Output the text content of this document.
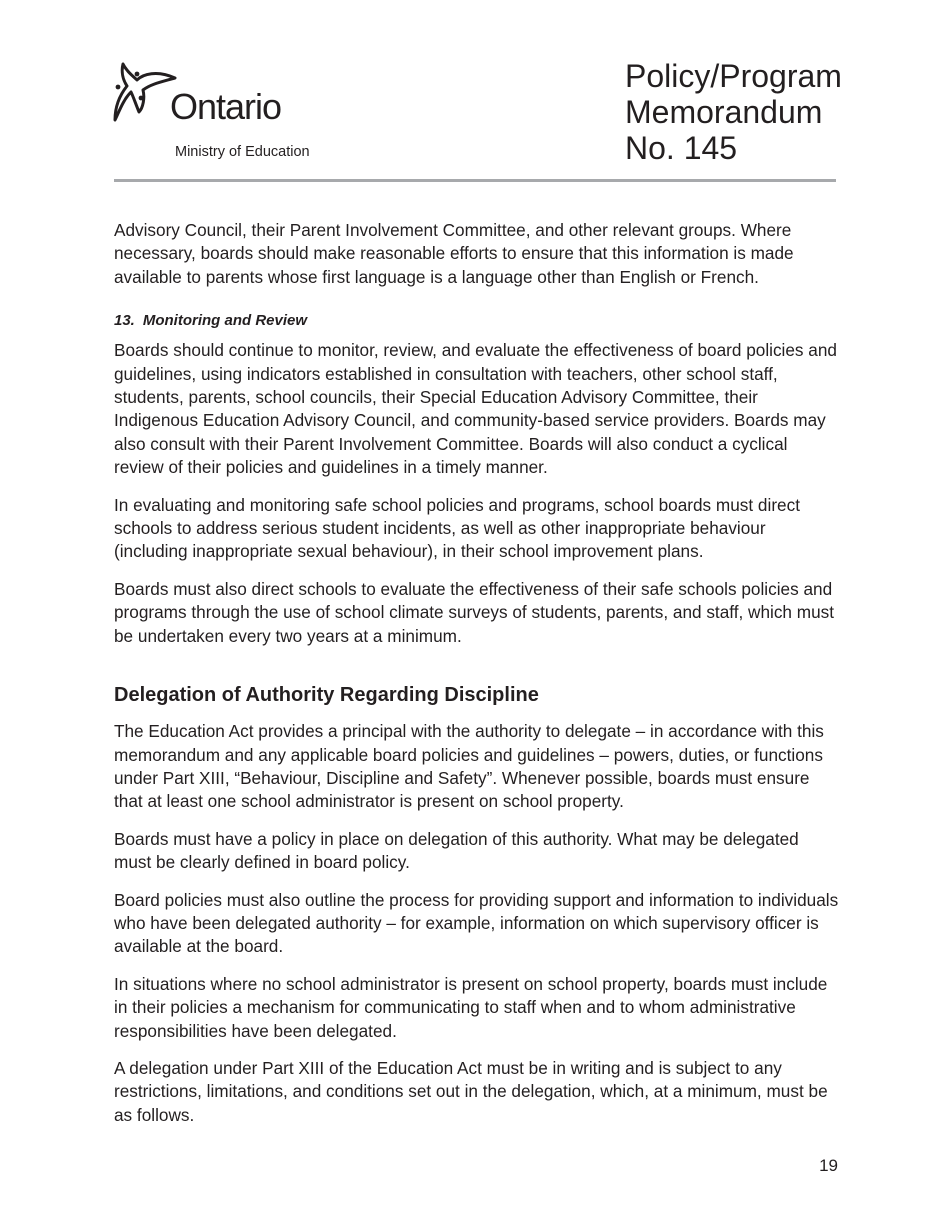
Ontario
Ministry of Education
Policy/Program
Memorandum
No. 145

Advisory Council, their Parent Involvement Committee, and other relevant groups. Where necessary, boards should make reasonable efforts to ensure that this information is made available to parents whose first language is a language other than English or French.

13. Monitoring and Review

Boards should continue to monitor, review, and evaluate the effectiveness of board policies and guidelines, using indicators established in consultation with teachers, other school staff, students, parents, school councils, their Special Education Advisory Committee, their Indigenous Education Advisory Council, and community-based service providers. Boards may also consult with their Parent Involvement Committee. Boards will also conduct a cyclical review of their policies and guidelines in a timely manner.

In evaluating and monitoring safe school policies and programs, school boards must direct schools to address serious student incidents, as well as other inappropriate behaviour (including inappropriate sexual behaviour), in their school improvement plans.

Boards must also direct schools to evaluate the effectiveness of their safe schools policies and programs through the use of school climate surveys of students, parents, and staff, which must be undertaken every two years at a minimum.

Delegation of Authority Regarding Discipline

The Education Act provides a principal with the authority to delegate – in accordance with this memorandum and any applicable board policies and guidelines – powers, duties, or functions under Part XIII, “Behaviour, Discipline and Safety”. Whenever possible, boards must ensure that at least one school administrator is present on school property.

Boards must have a policy in place on delegation of this authority. What may be delegated must be clearly defined in board policy.

Board policies must also outline the process for providing support and information to individuals who have been delegated authority – for example, information on which supervisory officer is available at the board.

In situations where no school administrator is present on school property, boards must include in their policies a mechanism for communicating to staff when and to whom administrative responsibilities have been delegated.

A delegation under Part XIII of the Education Act must be in writing and is subject to any restrictions, limitations, and conditions set out in the delegation, which, at a minimum, must be as follows.

19
